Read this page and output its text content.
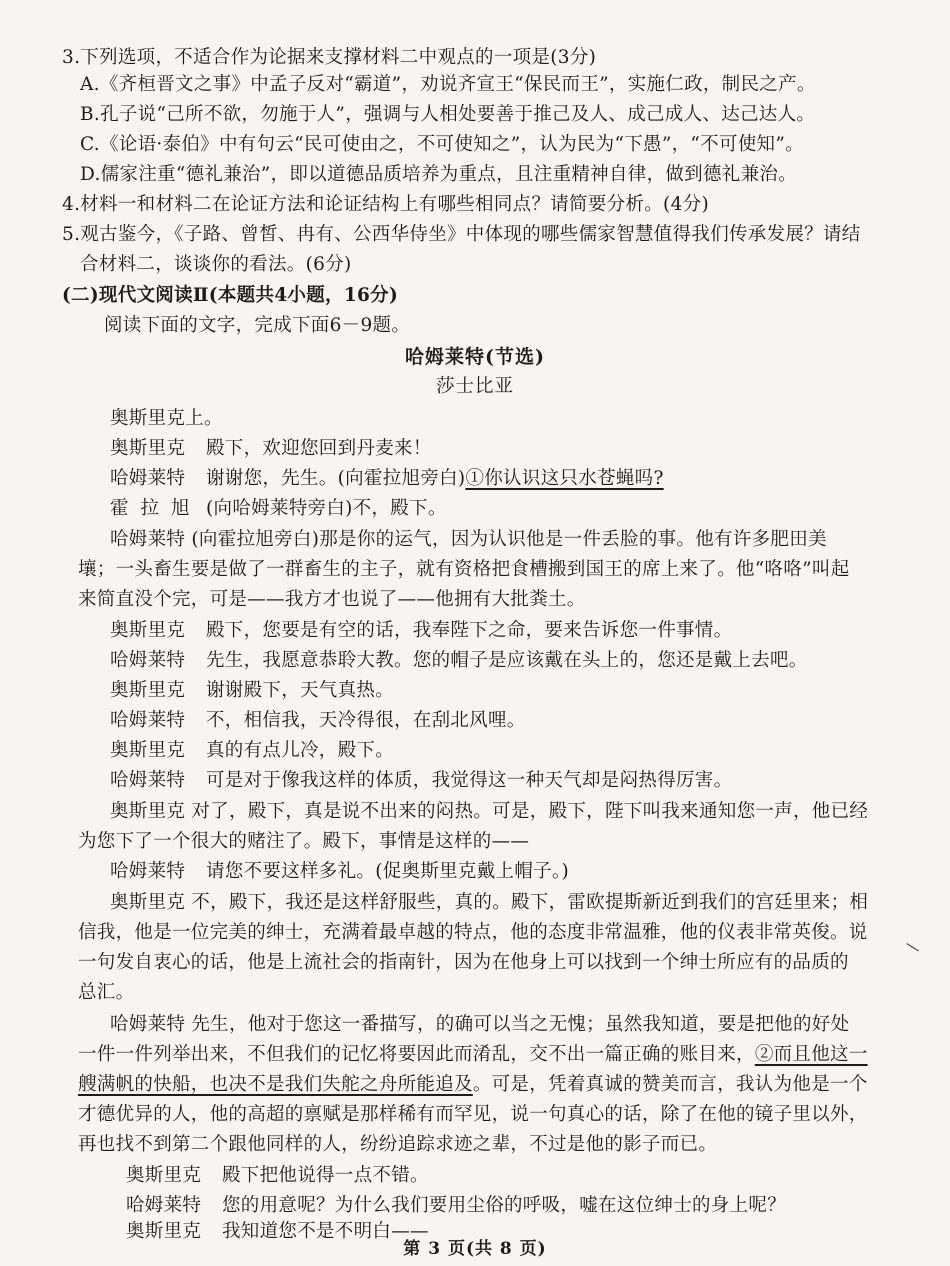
3.下列选项，不适合作为论据来支撑材料二中观点的一项是(3分)
A.《齐桓晋文之事》中孟子反对“霸道”，劝说齐宣王“保民而王”，实施仁政，制民之产。
B.孔子说“己所不欲，勿施于人”，强调与人相处要善于推己及人、成己成人、达己达人。
C.《论语·泰伯》中有句云“民可使由之，不可使知之”，认为民为“下愚”，“不可使知”。
D.儒家注重“德礼兼治”，即以道德品质培养为重点，且注重精神自律，做到德礼兼治。
4.材料一和材料二在论证方法和论证结构上有哪些相同点？请简要分析。(4分)
5.观古鉴今，《子路、曾皙、冉有、公西华侍坐》中体现的哪些儒家智慧值得我们传承发展？请结
合材料二，谈谈你的看法。(6分)
(二)现代文阅读Ⅱ(本题共4小题，16分)
阅读下面的文字，完成下面6－9题。
哈姆莱特(节选)
莎士比亚
奥斯里克上。
奥斯里克 殿下，欢迎您回到丹麦来！
哈姆莱特 谢谢您，先生。(向霍拉旭旁白)①你认识这只水苍蝇吗?
霍拉旭 (向哈姆莱特旁白)不，殿下。
哈姆莱特 (向霍拉旭旁白)那是你的运气，因为认识他是一件丢脸的事。他有许多肥田美
壤；一头畜生要是做了一群畜生的主子，就有资格把食槽搬到国王的席上来了。他“咯咯”叫起
来简直没个完，可是——我方才也说了——他拥有大批粪土。
奥斯里克 殿下，您要是有空的话，我奉陛下之命，要来告诉您一件事情。
哈姆莱特 先生，我愿意恭聆大教。您的帽子是应该戴在头上的，您还是戴上去吧。
奥斯里克 谢谢殿下，天气真热。
哈姆莱特 不，相信我，天冷得很，在刮北风哩。
奥斯里克 真的有点儿冷，殿下。
哈姆莱特 可是对于像我这样的体质，我觉得这一种天气却是闷热得厉害。
奥斯里克 对了，殿下，真是说不出来的闷热。可是，殿下，陛下叫我来通知您一声，他已经
为您下了一个很大的赌注了。殿下，事情是这样的——
哈姆莱特 请您不要这样多礼。(促奥斯里克戴上帽子。)
奥斯里克 不，殿下，我还是这样舒服些，真的。殿下，雷欧提斯新近到我们的宫廷里来；相
信我，他是一位完美的绅士，充满着最卓越的特点，他的态度非常温雅，他的仪表非常英俊。说
一句发自衷心的话，他是上流社会的指南针，因为在他身上可以找到一个绅士所应有的品质的
总汇。
哈姆莱特 先生，他对于您这一番描写，的确可以当之无愧；虽然我知道，要是把他的好处
一件一件列举出来，不但我们的记忆将要因此而淆乱，交不出一篇正确的账目来，②而且他这一
艘满帆的快船，也决不是我们失舵之舟所能追及。可是，凭着真诚的赞美而言，我认为他是一个
才德优异的人，他的高超的禀赋是那样稀有而罕见，说一句真心的话，除了在他的镜子里以外，
再也找不到第二个跟他同样的人，纷纷追踪求迹之辈，不过是他的影子而已。
奥斯里克 殿下把他说得一点不错。
哈姆莱特 您的用意呢？为什么我们要用尘俗的呼吸，嘘在这位绅士的身上呢？
奥斯里克 我知道您不是不明白——
第 3 页(共 8 页)
